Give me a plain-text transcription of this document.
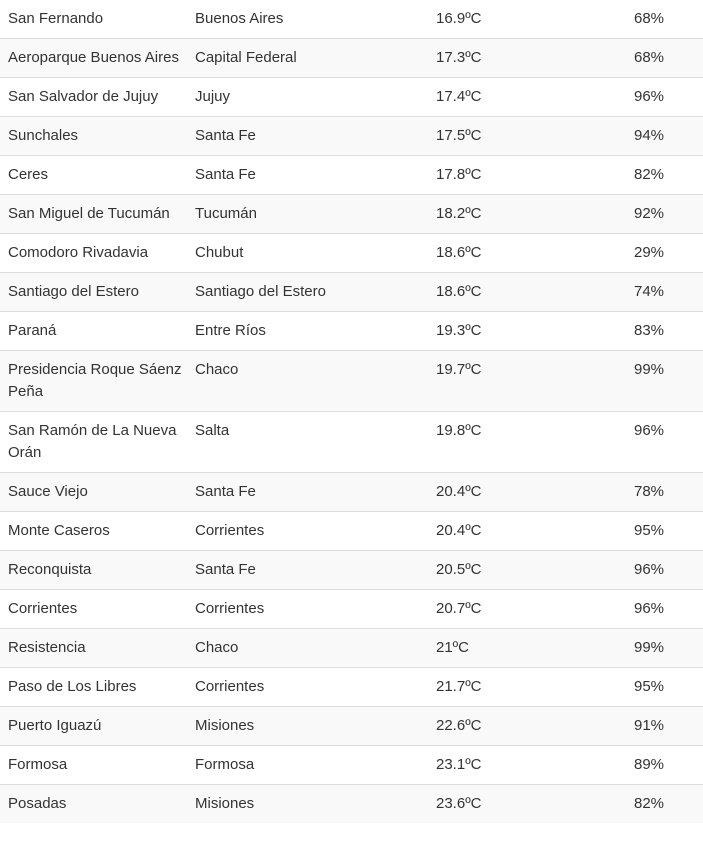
San Fernando	Buenos Aires	16.9ºC	68%
Aeroparque Buenos Aires	Capital Federal	17.3ºC	68%
San Salvador de Jujuy	Jujuy	17.4ºC	96%
Sunchales	Santa Fe	17.5ºC	94%
Ceres	Santa Fe	17.8ºC	82%
San Miguel de Tucumán	Tucumán	18.2ºC	92%
Comodoro Rivadavia	Chubut	18.6ºC	29%
Santiago del Estero	Santiago del Estero	18.6ºC	74%
Paraná	Entre Ríos	19.3ºC	83%
Presidencia Roque Sáenz Peña	Chaco	19.7ºC	99%
San Ramón de La Nueva Orán	Salta	19.8ºC	96%
Sauce Viejo	Santa Fe	20.4ºC	78%
Monte Caseros	Corrientes	20.4ºC	95%
Reconquista	Santa Fe	20.5ºC	96%
Corrientes	Corrientes	20.7ºC	96%
Resistencia	Chaco	21ºC	99%
Paso de Los Libres	Corrientes	21.7ºC	95%
Puerto Iguazú	Misiones	22.6ºC	91%
Formosa	Formosa	23.1ºC	89%
Posadas	Misiones	23.6ºC	82%
